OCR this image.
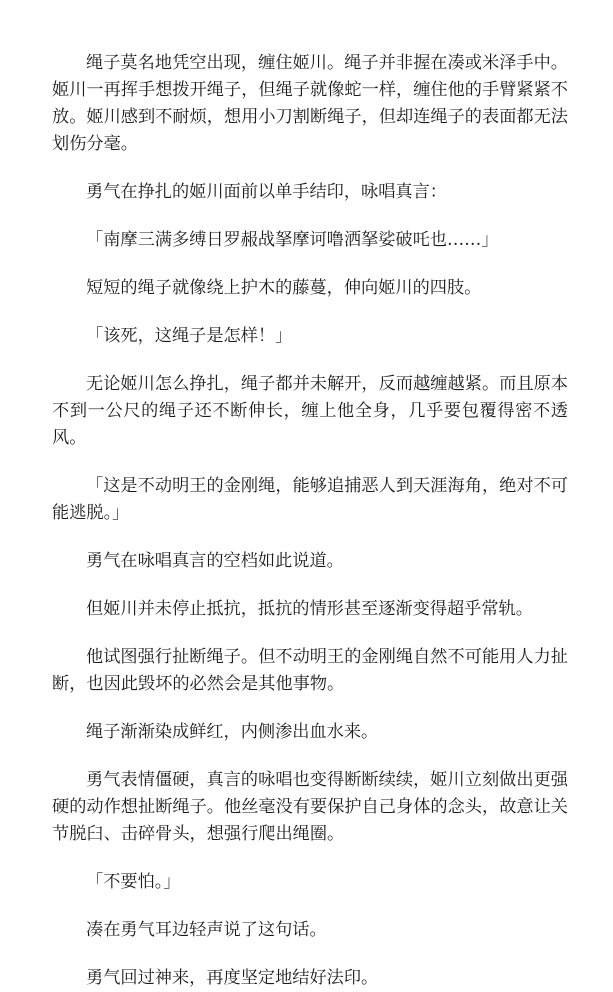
绳子莫名地凭空出现，缠住姬川。绳子并非握在凑或米泽手中。姬川一再挥手想拨开绳子，但绳子就像蛇一样，缠住他的手臂紧紧不放。姬川感到不耐烦，想用小刀割断绳子，但却连绳子的表面都无法划伤分毫。

勇气在挣扎的姬川面前以单手结印，咏唱真言：

「南摩三满多缚日罗赧战拏摩诃噜洒拏娑破吒也……」

短短的绳子就像绕上护木的藤蔓，伸向姬川的四肢。

「该死，这绳子是怎样！」

无论姬川怎么挣扎，绳子都并未解开，反而越缠越紧。而且原本不到一公尺的绳子还不断伸长，缠上他全身，几乎要包覆得密不透风。

「这是不动明王的金刚绳，能够追捕恶人到天涯海角，绝对不可能逃脱。」

勇气在咏唱真言的空档如此说道。

但姬川并未停止抵抗，抵抗的情形甚至逐渐变得超乎常轨。

他试图强行扯断绳子。但不动明王的金刚绳自然不可能用人力扯断，也因此毁坏的必然会是其他事物。

绳子渐渐染成鲜红，内侧渗出血水来。

勇气表情僵硬，真言的咏唱也变得断断续续，姬川立刻做出更强硬的动作想扯断绳子。他丝毫没有要保护自己身体的念头，故意让关节脱臼、击碎骨头，想强行爬出绳圈。

「不要怕。」

凑在勇气耳边轻声说了这句话。

勇气回过神来，再度坚定地结好法印。
